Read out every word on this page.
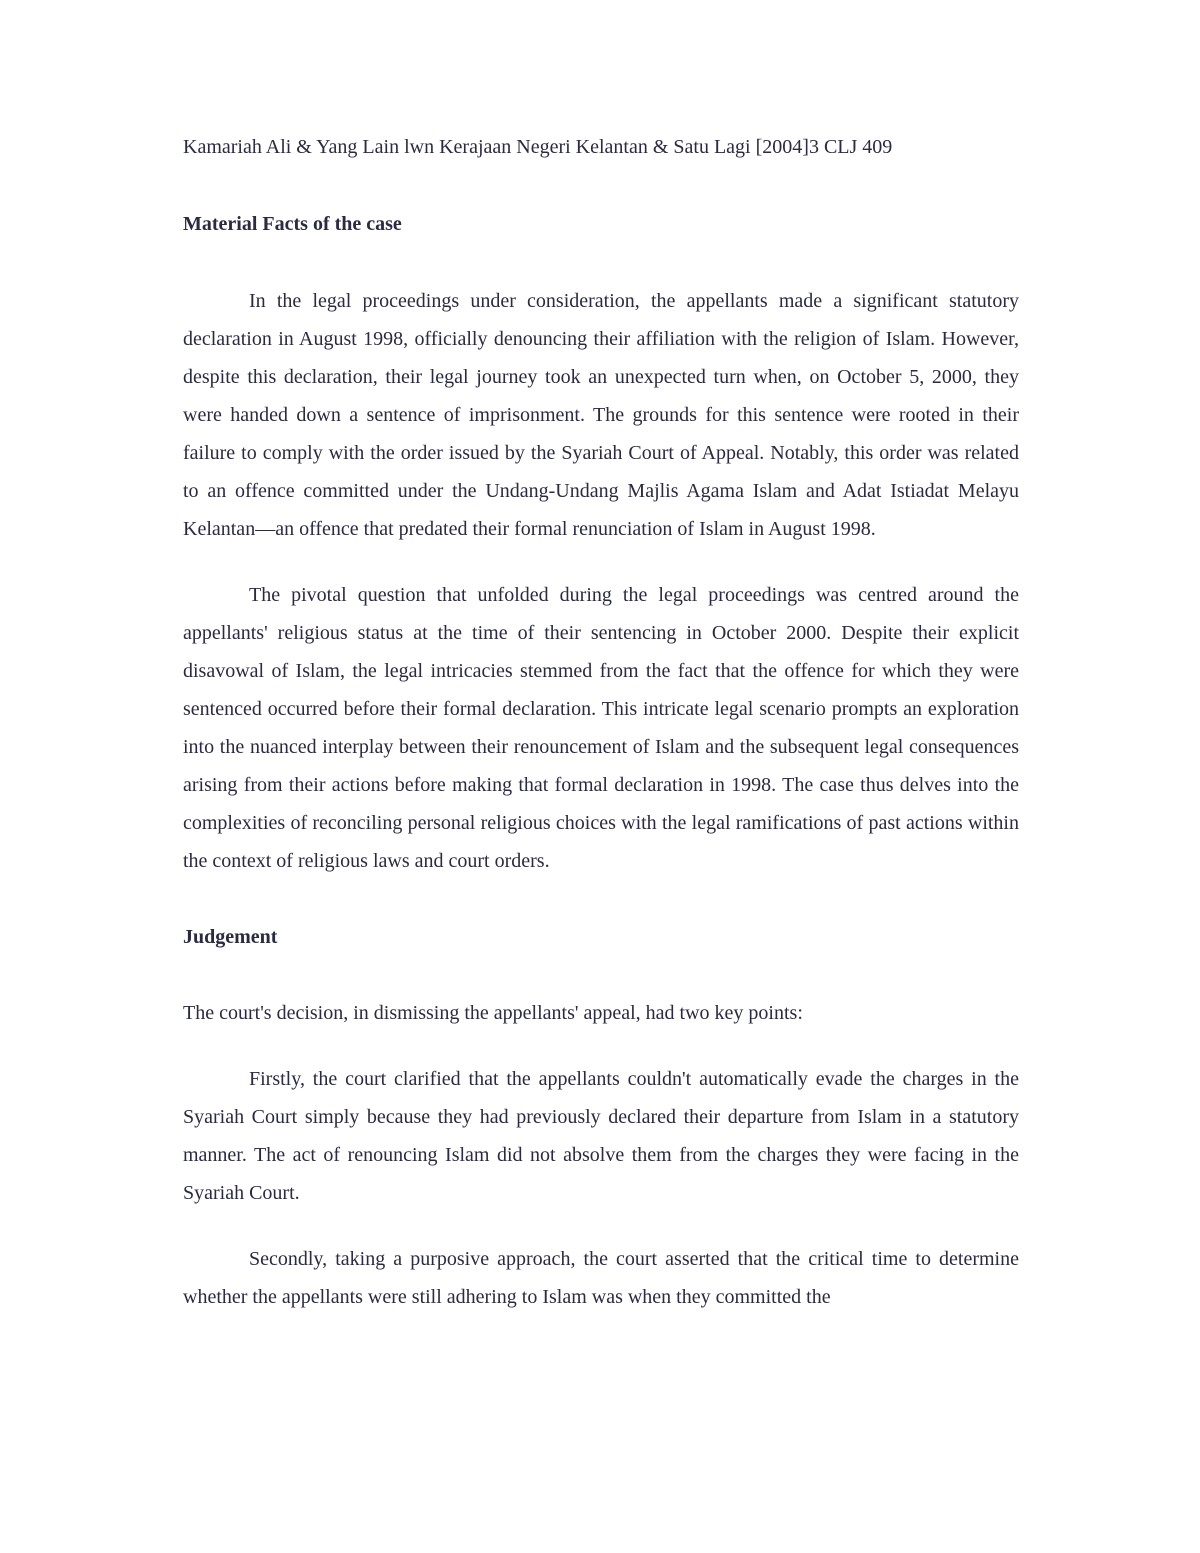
Kamariah Ali & Yang Lain lwn Kerajaan Negeri Kelantan & Satu Lagi [2004]3 CLJ 409
Material Facts of the case

In the legal proceedings under consideration, the appellants made a significant statutory declaration in August 1998, officially denouncing their affiliation with the religion of Islam. However, despite this declaration, their legal journey took an unexpected turn when, on October 5, 2000, they were handed down a sentence of imprisonment. The grounds for this sentence were rooted in their failure to comply with the order issued by the Syariah Court of Appeal. Notably, this order was related to an offence committed under the Undang-Undang Majlis Agama Islam and Adat Istiadat Melayu Kelantan—an offence that predated their formal renunciation of Islam in August 1998.

The pivotal question that unfolded during the legal proceedings was centred around the appellants' religious status at the time of their sentencing in October 2000. Despite their explicit disavowal of Islam, the legal intricacies stemmed from the fact that the offence for which they were sentenced occurred before their formal declaration. This intricate legal scenario prompts an exploration into the nuanced interplay between their renouncement of Islam and the subsequent legal consequences arising from their actions before making that formal declaration in 1998. The case thus delves into the complexities of reconciling personal religious choices with the legal ramifications of past actions within the context of religious laws and court orders.

Judgement

The court's decision, in dismissing the appellants' appeal, had two key points:

Firstly, the court clarified that the appellants couldn't automatically evade the charges in the Syariah Court simply because they had previously declared their departure from Islam in a statutory manner. The act of renouncing Islam did not absolve them from the charges they were facing in the Syariah Court.

Secondly, taking a purposive approach, the court asserted that the critical time to determine whether the appellants were still adhering to Islam was when they committed the
